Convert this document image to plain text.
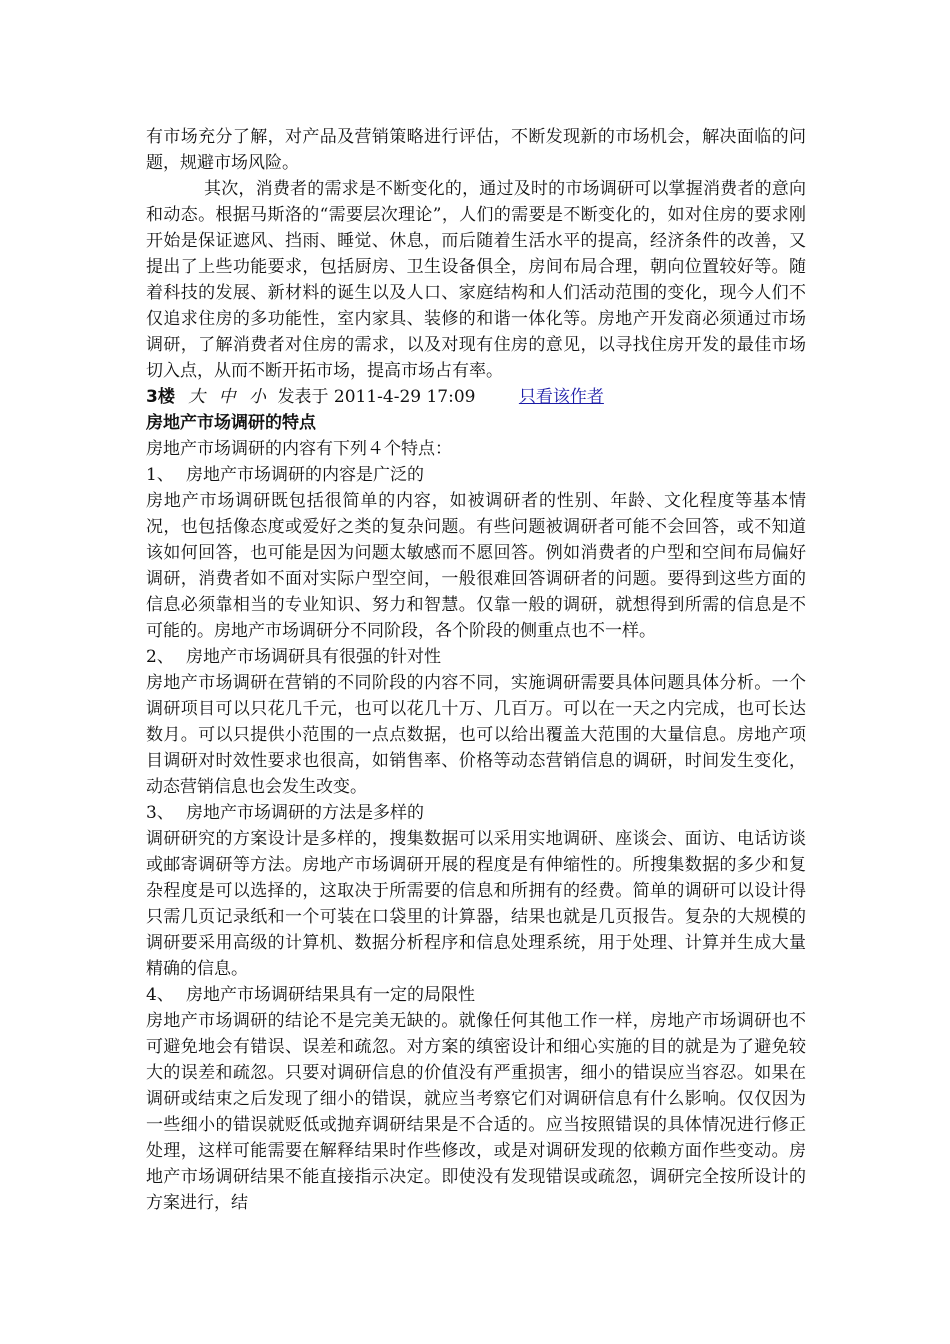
有市场充分了解，对产品及营销策略进行评估，不断发现新的市场机会，解决面临的问题，规避市场风险。

其次，消费者的需求是不断变化的，通过及时的市场调研可以掌握消费者的意向和动态。根据马斯洛的“需要层次理论”，人们的需要是不断变化的，如对住房的要求刚开始是保证遮风、挡雨、睡觉、休息，而后随着生活水平的提高，经济条件的改善，又提出了上些功能要求，包括厨房、卫生设备俱全，房间布局合理，朝向位置较好等。随着科技的发展、新材料的诞生以及人口、家庭结构和人们活动范围的变化，现今人们不仅追求住房的多功能性，室内家具、装修的和谐一体化等。房地产开发商必须通过市场调研，了解消费者对住房的需求，以及对现有住房的意见，以寻找住房开发的最佳市场切入点，从而不断开拓市场，提高市场占有率。

3楼 大 中 小 发表于 2011-4-29 17:09	只看该作者

房地产市场调研的特点

房地产市场调研的内容有下列４个特点：

1、 房地产市场调研的内容是广泛的

房地产市场调研既包括很简单的内容，如被调研者的性别、年龄、文化程度等基本情况，也包括像态度或爱好之类的复杂问题。有些问题被调研者可能不会回答，或不知道该如何回答，也可能是因为问题太敏感而不愿回答。例如消费者的户型和空间布局偏好调研，消费者如不面对实际户型空间，一般很难回答调研者的问题。要得到这些方面的信息必须靠相当的专业知识、努力和智慧。仅靠一般的调研，就想得到所需的信息是不可能的。房地产市场调研分不同阶段，各个阶段的侧重点也不一样。

2、 房地产市场调研具有很强的针对性

房地产市场调研在营销的不同阶段的内容不同，实施调研需要具体问题具体分析。一个调研项目可以只花几千元，也可以花几十万、几百万。可以在一天之内完成，也可长达数月。可以只提供小范围的一点点数据，也可以给出覆盖大范围的大量信息。房地产项目调研对时效性要求也很高，如销售率、价格等动态营销信息的调研，时间发生变化，动态营销信息也会发生改变。

3、 房地产市场调研的方法是多样的

调研研究的方案设计是多样的，搜集数据可以采用实地调研、座谈会、面访、电话访谈或邮寄调研等方法。房地产市场调研开展的程度是有伸缩性的。所搜集数据的多少和复杂程度是可以选择的，这取决于所需要的信息和所拥有的经费。简单的调研可以设计得只需几页记录纸和一个可装在口袋里的计算器，结果也就是几页报告。复杂的大规模的调研要采用高级的计算机、数据分析程序和信息处理系统，用于处理、计算并生成大量精确的信息。

4、 房地产市场调研结果具有一定的局限性

房地产市场调研的结论不是完美无缺的。就像任何其他工作一样，房地产市场调研也不可避免地会有错误、误差和疏忽。对方案的缜密设计和细心实施的目的就是为了避免较大的误差和疏忽。只要对调研信息的价值没有严重损害，细小的错误应当容忍。如果在调研或结束之后发现了细小的错误，就应当考察它们对调研信息有什么影响。仅仅因为一些细小的错误就贬低或抛弃调研结果是不合适的。应当按照错误的具体情况进行修正处理，这样可能需要在解释结果时作些修改，或是对调研发现的依赖方面作些变动。房地产市场调研结果不能直接指示决定。即使没有发现错误或疏忽，调研完全按所设计的方案进行，结
